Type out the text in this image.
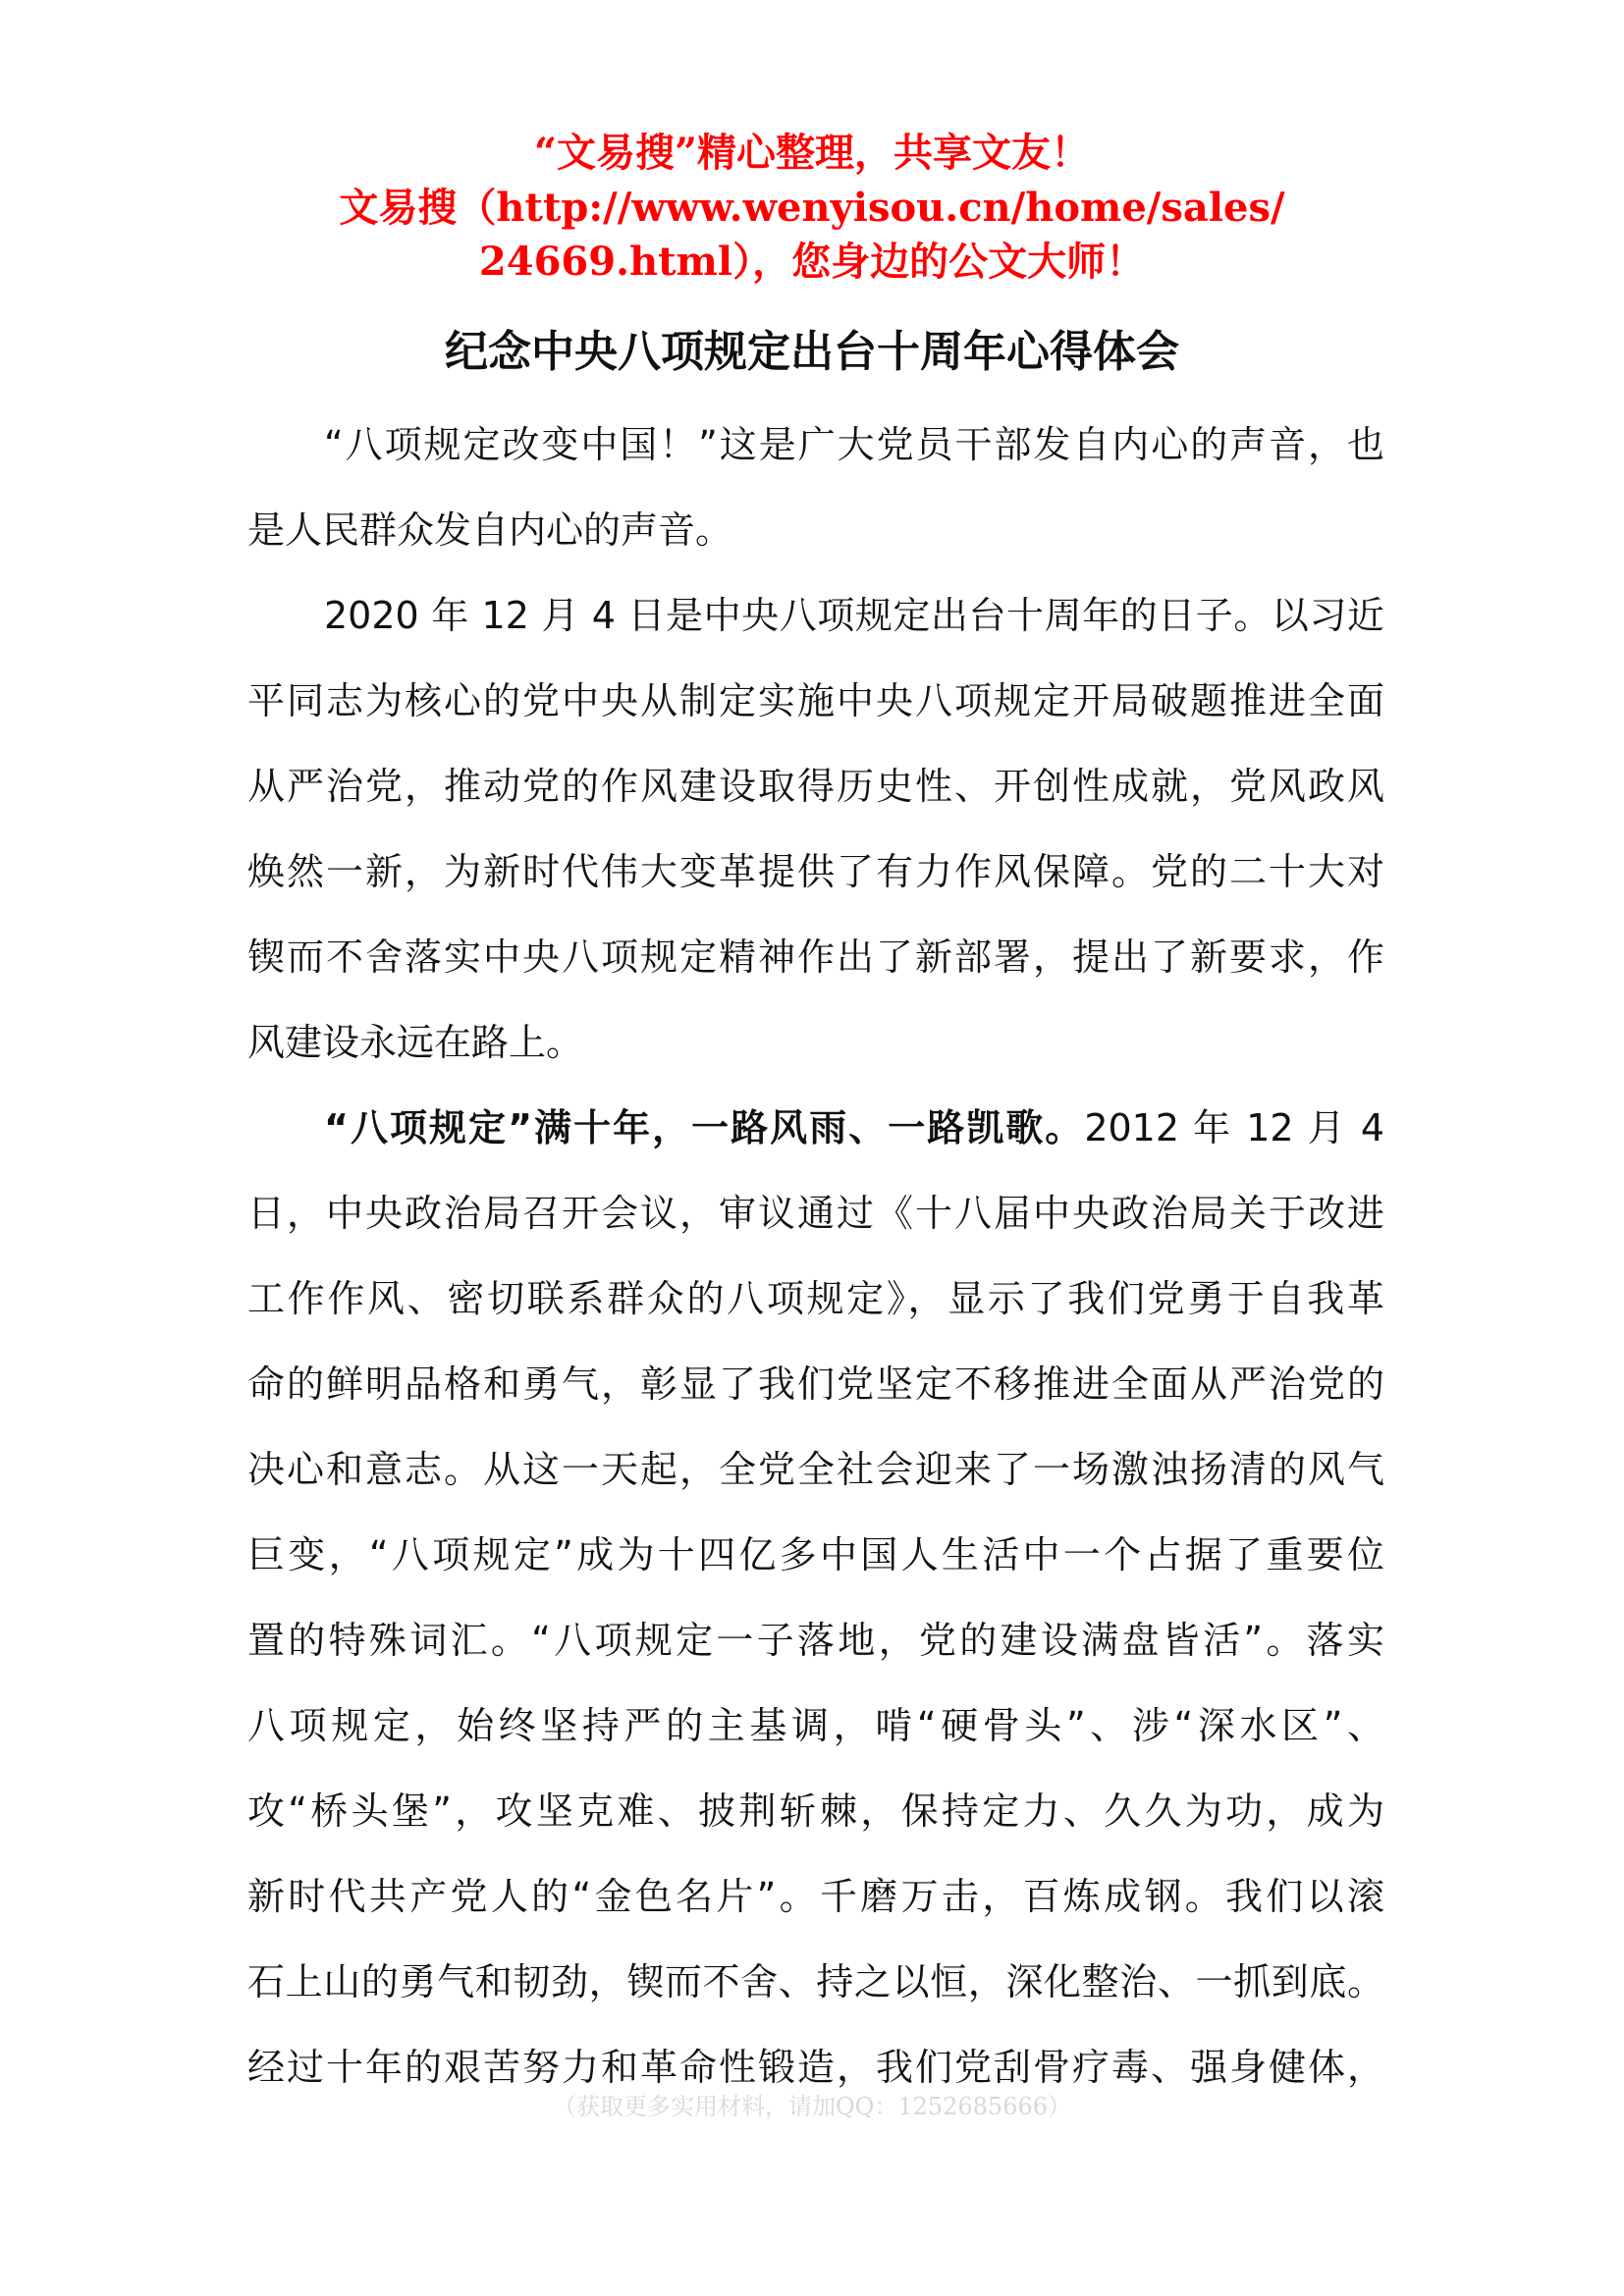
“文易搜”精心整理，共享文友！
文易搜（http://www.wenyisou.cn/home/sales/
24669.html），您身边的公文大师！
纪念中央八项规定出台十周年心得体会
“八项规定改变中国！”这是广大党员干部发自内心的声音，也
是人民群众发自内心的声音。
2020 年 12 月 4 日是中央八项规定出台十周年的日子。以习近
平同志为核心的党中央从制定实施中央八项规定开局破题推进全面
从严治党，推动党的作风建设取得历史性、开创性成就，党风政风
焕然一新，为新时代伟大变革提供了有力作风保障。党的二十大对
锲而不舍落实中央八项规定精神作出了新部署，提出了新要求，作
风建设永远在路上。
“八项规定”满十年，一路风雨、一路凯歌。2012 年 12 月 4
日，中央政治局召开会议，审议通过《十八届中央政治局关于改进
工作作风、密切联系群众的八项规定》，显示了我们党勇于自我革
命的鲜明品格和勇气，彰显了我们党坚定不移推进全面从严治党的
决心和意志。从这一天起，全党全社会迎来了一场激浊扬清的风气
巨变，“八项规定”成为十四亿多中国人生活中一个占据了重要位
置的特殊词汇。“八项规定一子落地，党的建设满盘皆活”。落实
八项规定，始终坚持严的主基调，啃“硬骨头”、涉“深水区”、
攻“桥头堡”，攻坚克难、披荆斩棘，保持定力、久久为功，成为
新时代共产党人的“金色名片”。千磨万击，百炼成钢。我们以滚
石上山的勇气和韧劲，锲而不舍、持之以恒，深化整治、一抓到底。
经过十年的艰苦努力和革命性锻造，我们党刮骨疗毒、强身健体，
（获取更多实用材料，请加QQ：1252685666）
